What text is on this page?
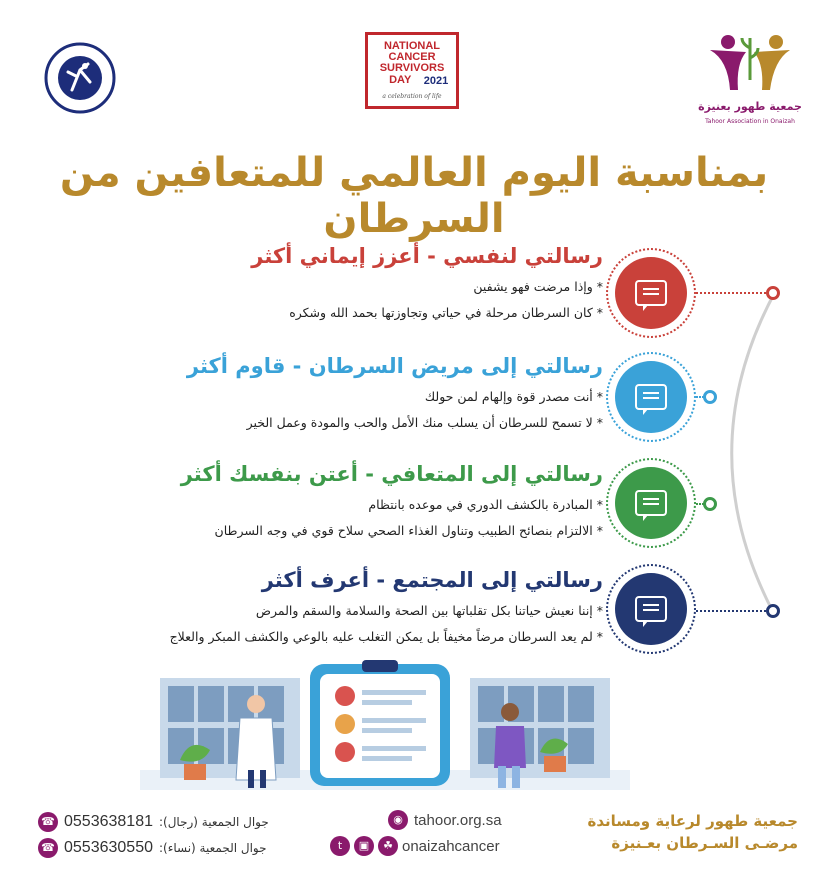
NATIONAL
CANCER
SURVIVORS
DAY	2021
a celebration of life
جمعية طهور بعنيزة
Tahoor Association in Onaizah
بمناسبة اليوم العالمي للمتعافين من السرطان
رسالتي لنفسي - أعزز إيماني أكثر
* وإذا مرضت فهو يشفين
* كان السرطان مرحلة في حياتي وتجاوزتها بحمد الله وشكره
رسالتي إلى مريض السرطان - قاوم أكثر
* أنت مصدر قوة وإلهام لمن حولك
* لا تسمح للسرطان أن يسلب منك الأمل والحب والمودة وعمل الخير
رسالتي إلى المتعافي - أعتن بنفسك أكثر
* المبادرة بالكشف الدوري في موعده بانتظام
* الالتزام بنصائح الطبيب وتناول الغذاء الصحي سلاح قوي في وجه السرطان
رسالتي إلى المجتمع - أعرف أكثر
* إننا نعيش حياتنا بكل تقلباتها بين الصحة والسلامة والسقم والمرض
* لم يعد السرطان مرضاً مخيفاً بل يمكن التغلب عليه بالوعي والكشف المبكر والعلاج
جمعية طهور لرعاية ومساندة
مرضـى السـرطان بعـنيزة
◉ tahoor.org.sa
t	▣	☘ onaizahcancer
☎ 0553638181 جوال الجمعية (رجال):
☎ 0553630550 جوال الجمعية (نساء):
